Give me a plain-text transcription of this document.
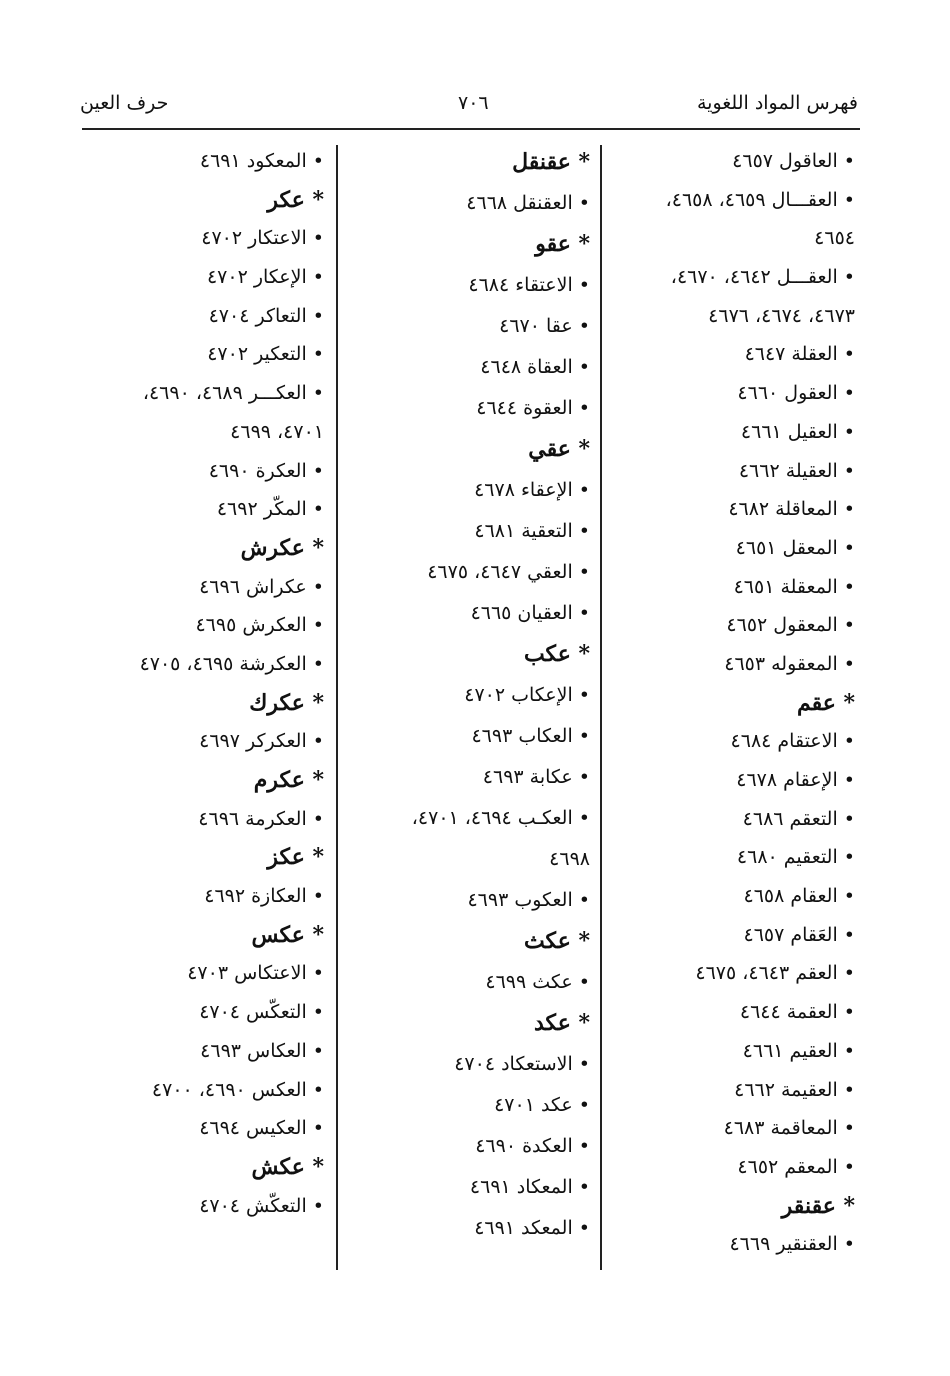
فهرس المواد اللغوية
٧٠٦
حرف العين
• العاقول ٤٦٥٧
• العقـــال ٤٦٥٩، ٤٦٥٨،
٤٦٥٤
• العقـــل ٤٦٤٢، ٤٦٧٠،
٤٦٧٣، ٤٦٧٤، ٤٦٧٦
• العقلة ٤٦٤٧
• العقول ٤٦٦٠
• العقيل ٤٦٦١
• العقيلة ٤٦٦٢
• المعاقلة ٤٦٨٢
• المعقل ٤٦٥١
• المعقلة ٤٦٥١
• المعقول ٤٦٥٢
• المعقوله ٤٦٥٣
* عقم
• الاعتقام ٤٦٨٤
• الإعقام ٤٦٧٨
• التعقم ٤٦٨٦
• التعقيم ٤٦٨٠
• العقام ٤٦٥٨
• العَقام ٤٦٥٧
• العقم ٤٦٤٣، ٤٦٧٥
• العقمة ٤٦٤٤
• العقيم ٤٦٦١
• العقيمة ٤٦٦٢
• المعاقمة ٤٦٨٣
• المعقم ٤٦٥٢
* عقنقر
• العقنقير ٤٦٦٩
* عقنقل
• العقنقل ٤٦٦٨
* عقو
• الاعتقاء ٤٦٨٤
• عقا ٤٦٧٠
• العقاة ٤٦٤٨
• العقوة ٤٦٤٤
* عقي
• الإعقاء ٤٦٧٨
• التعقية ٤٦٨١
• العقي ٤٦٤٧، ٤٦٧٥
• العقيان ٤٦٦٥
* عكب
• الإعكاب ٤٧٠٢
• العكاب ٤٦٩٣
• عكابة ٤٦٩٣
• العكـب ٤٦٩٤، ٤٧٠١،
٤٦٩٨
• العكوب ٤٦٩٣
* عكث
• عكث ٤٦٩٩
* عكد
• الاستعكاد ٤٧٠٤
• عكد ٤٧٠١
• العكدة ٤٦٩٠
• المعكاد ٤٦٩١
• المعكد ٤٦٩١
• المعكود ٤٦٩١
* عكر
• الاعتكار ٤٧٠٢
• الإعكار ٤٧٠٢
• التعاكر ٤٧٠٤
• التعكير ٤٧٠٢
• العكـــر ٤٦٨٩، ٤٦٩٠،
٤٧٠١، ٤٦٩٩
• العكرة ٤٦٩٠
• المكّر ٤٦٩٢
* عكرش
• عكراش ٤٦٩٦
• العكرش ٤٦٩٥
• العكرشة ٤٦٩٥، ٤٧٠٥
* عكرك
• العكركر ٤٦٩٧
* عكرم
• العكرمة ٤٦٩٦
* عكز
• العكازة ٤٦٩٢
* عكس
• الاعتكاس ٤٧٠٣
• التعكّس ٤٧٠٤
• العكاس ٤٦٩٣
• العكس ٤٦٩٠، ٤٧٠٠
• العكيس ٤٦٩٤
* عكش
• التعكّش ٤٧٠٤
